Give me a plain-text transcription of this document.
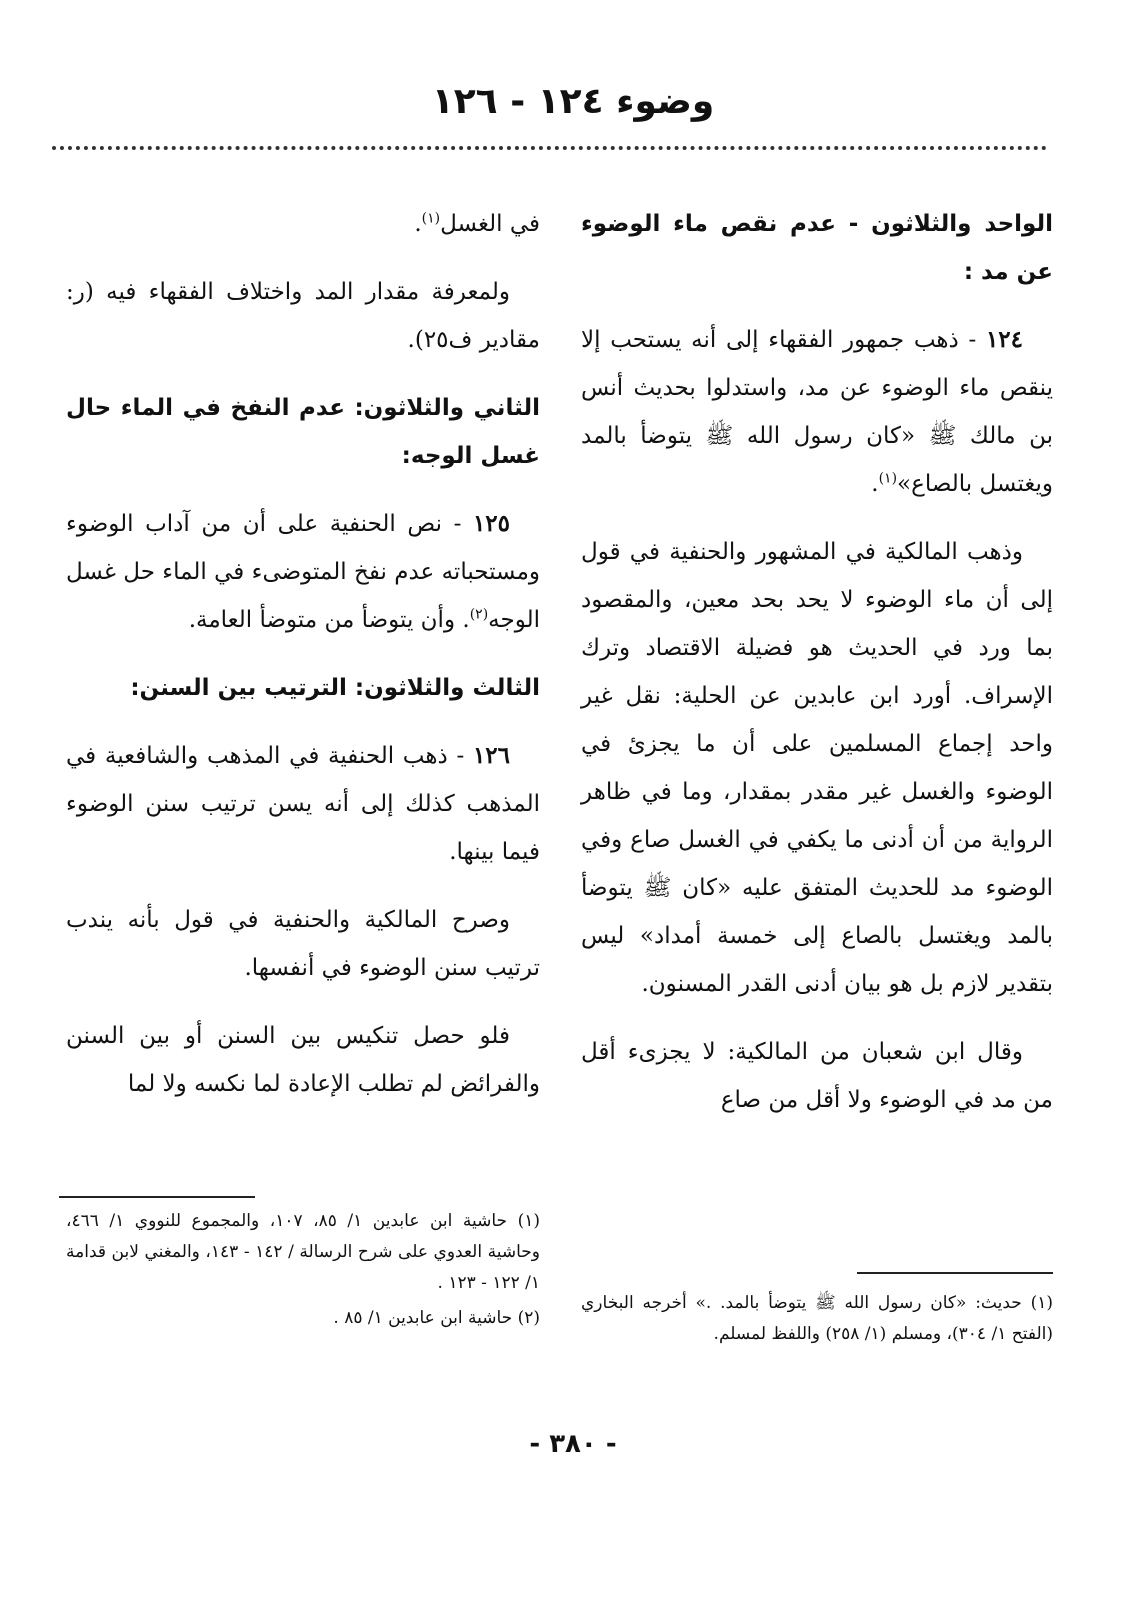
وضوء ١٢٤ - ١٢٦
الواحد والثلاثون - عدم نقص ماء الوضوء عن مد :

١٢٤ - ذهب جمهور الفقهاء إلى أنه يستحب إلا ينقص ماء الوضوء عن مد، واستدلوا بحديث أنس بن مالك ﷺ «كان رسول الله ﷺ يتوضأ بالمد ويغتسل بالصاع»$^{(١)}$.

وذهب المالكية في المشهور والحنفية في قول إلى أن ماء الوضوء لا يحد بحد معين، والمقصود بما ورد في الحديث هو فضيلة الاقتصاد وترك الإسراف. أورد ابن عابدين عن الحلية: نقل غير واحد إجماع المسلمين على أن ما يجزئ في الوضوء والغسل غير مقدر بمقدار، وما في ظاهر الرواية من أن أدنى ما يكفي في الغسل صاع وفي الوضوء مد للحديث المتفق عليه «كان ﷺ يتوضأ بالمد ويغتسل بالصاع إلى خمسة أمداد» ليس بتقدير لازم بل هو بيان أدنى القدر المسنون.

وقال ابن شعبان من المالكية: لا يجزىء أقل من مد في الوضوء ولا أقل من صاع

في الغسل$^{(١)}$.

ولمعرفة مقدار المد واختلاف الفقهاء فيه (ر: مقادير ف٢٥).

الثاني والثلاثون: عدم النفخ في الماء حال غسل الوجه:

١٢٥ - نص الحنفية على أن من آداب الوضوء ومستحباته عدم نفخ المتوضىء في الماء حل غسل الوجه$^{(٢)}$. وأن يتوضأ من متوضأ العامة.

الثالث والثلاثون: الترتيب بين السنن:

١٢٦ - ذهب الحنفية في المذهب والشافعية في المذهب كذلك إلى أنه يسن ترتيب سنن الوضوء فيما بينها.

وصرح المالكية والحنفية في قول بأنه يندب ترتيب سنن الوضوء في أنفسها.

فلو حصل تنكيس بين السنن أو بين السنن والفرائض لم تطلب الإعادة لما نكسه ولا لما

(١) حديث: «كان رسول الله ﷺ يتوضأ بالمد. .» أخرجه البخاري (الفتح ١/ ٣٠٤)، ومسلم (١/ ٢٥٨) واللفظ لمسلم.
(١) حاشية ابن عابدين ١/ ٨٥، ١٠٧، والمجموع للنووي ١/ ٤٦٦، وحاشية العدوي على شرح الرسالة / ١٤٢ - ١٤٣، والمغني لابن قدامة ١/ ١٢٢ - ١٢٣ .
(٢) حاشية ابن عابدين ١/ ٨٥ .
- ٣٨٠ -
